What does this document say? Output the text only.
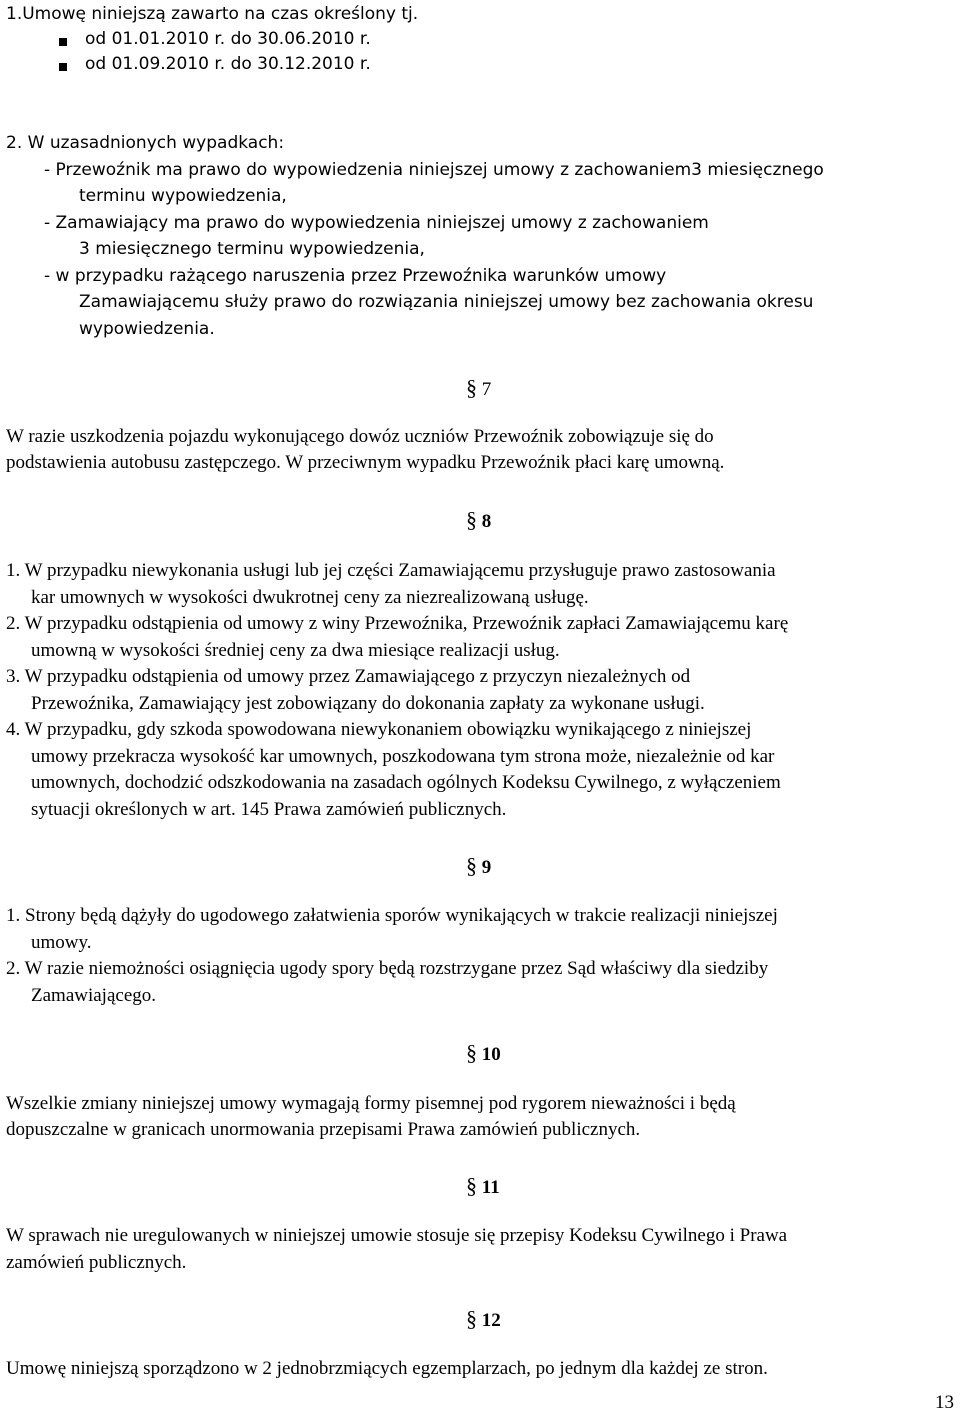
1.Umowę niniejszą zawarto na czas określony tj.
od 01.01.2010 r. do 30.06.2010 r.
od 01.09.2010 r. do 30.12.2010 r.
2. W uzasadnionych wypadkach:
- Przewoźnik ma prawo do wypowiedzenia niniejszej umowy z zachowaniem3 miesięcznego
terminu wypowiedzenia,
- Zamawiający ma prawo do wypowiedzenia niniejszej umowy z zachowaniem
3 miesięcznego terminu wypowiedzenia,
- w przypadku rażącego naruszenia przez Przewoźnika warunków umowy
Zamawiającemu służy prawo do rozwiązania niniejszej umowy bez zachowania okresu
wypowiedzenia.
§ 7
W razie uszkodzenia pojazdu wykonującego dowóz uczniów Przewoźnik zobowiązuje się do
podstawienia autobusu zastępczego. W przeciwnym wypadku Przewoźnik płaci karę umowną.
§ 8
1. W przypadku niewykonania usługi lub jej części Zamawiającemu przysługuje prawo zastosowania
kar umownych w wysokości dwukrotnej ceny za niezrealizowaną usługę.
2. W przypadku odstąpienia od umowy z winy Przewoźnika, Przewoźnik zapłaci Zamawiającemu karę
umowną w wysokości średniej ceny za dwa miesiące realizacji usług.
3. W przypadku odstąpienia od umowy przez Zamawiającego z przyczyn niezależnych od
Przewoźnika, Zamawiający jest zobowiązany do dokonania zapłaty za wykonane usługi.
4. W przypadku, gdy szkoda spowodowana niewykonaniem obowiązku wynikającego z niniejszej
umowy przekracza wysokość kar umownych, poszkodowana tym strona może, niezależnie od kar
umownych, dochodzić odszkodowania na zasadach ogólnych Kodeksu Cywilnego, z wyłączeniem
sytuacji określonych w art. 145 Prawa zamówień publicznych.
§ 9
1. Strony będą dążyły do ugodowego załatwienia sporów wynikających w trakcie realizacji niniejszej
umowy.
2. W razie niemożności osiągnięcia ugody spory będą rozstrzygane przez Sąd właściwy dla siedziby
Zamawiającego.
§ 10
Wszelkie zmiany niniejszej umowy wymagają formy pisemnej pod rygorem nieważności i będą
dopuszczalne w granicach unormowania przepisami Prawa zamówień publicznych.
§ 11
W sprawach nie uregulowanych w niniejszej umowie stosuje się przepisy Kodeksu Cywilnego i Prawa
zamówień publicznych.
§ 12
Umowę niniejszą sporządzono w 2 jednobrzmiących egzemplarzach, po jednym dla każdej ze stron.
13
